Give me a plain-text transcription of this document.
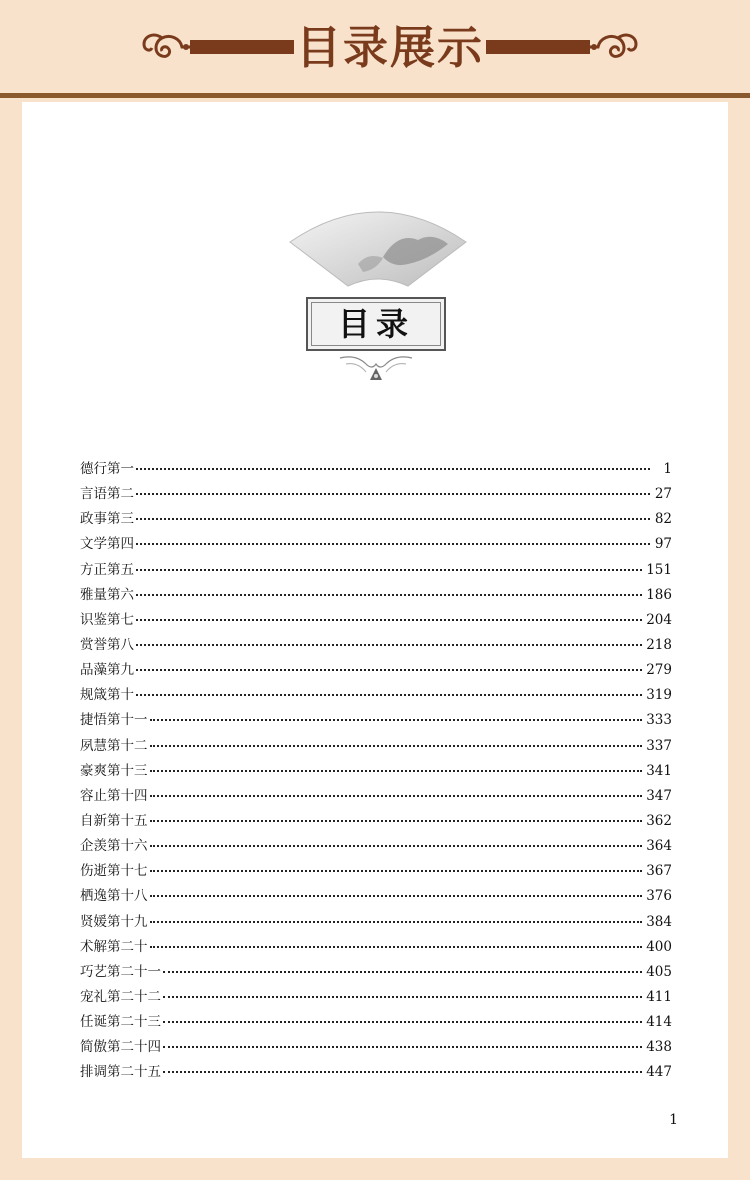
目录展示
目录
德行第一	1
言语第二	27
政事第三	82
文学第四	97
方正第五	151
雅量第六	186
识鉴第七	204
赏誉第八	218
品藻第九	279
规箴第十	319
捷悟第十一	333
夙慧第十二	337
豪爽第十三	341
容止第十四	347
自新第十五	362
企羡第十六	364
伤逝第十七	367
栖逸第十八	376
贤媛第十九	384
术解第二十	400
巧艺第二十一	405
宠礼第二十二	411
任诞第二十三	414
简傲第二十四	438
排调第二十五	447
1
